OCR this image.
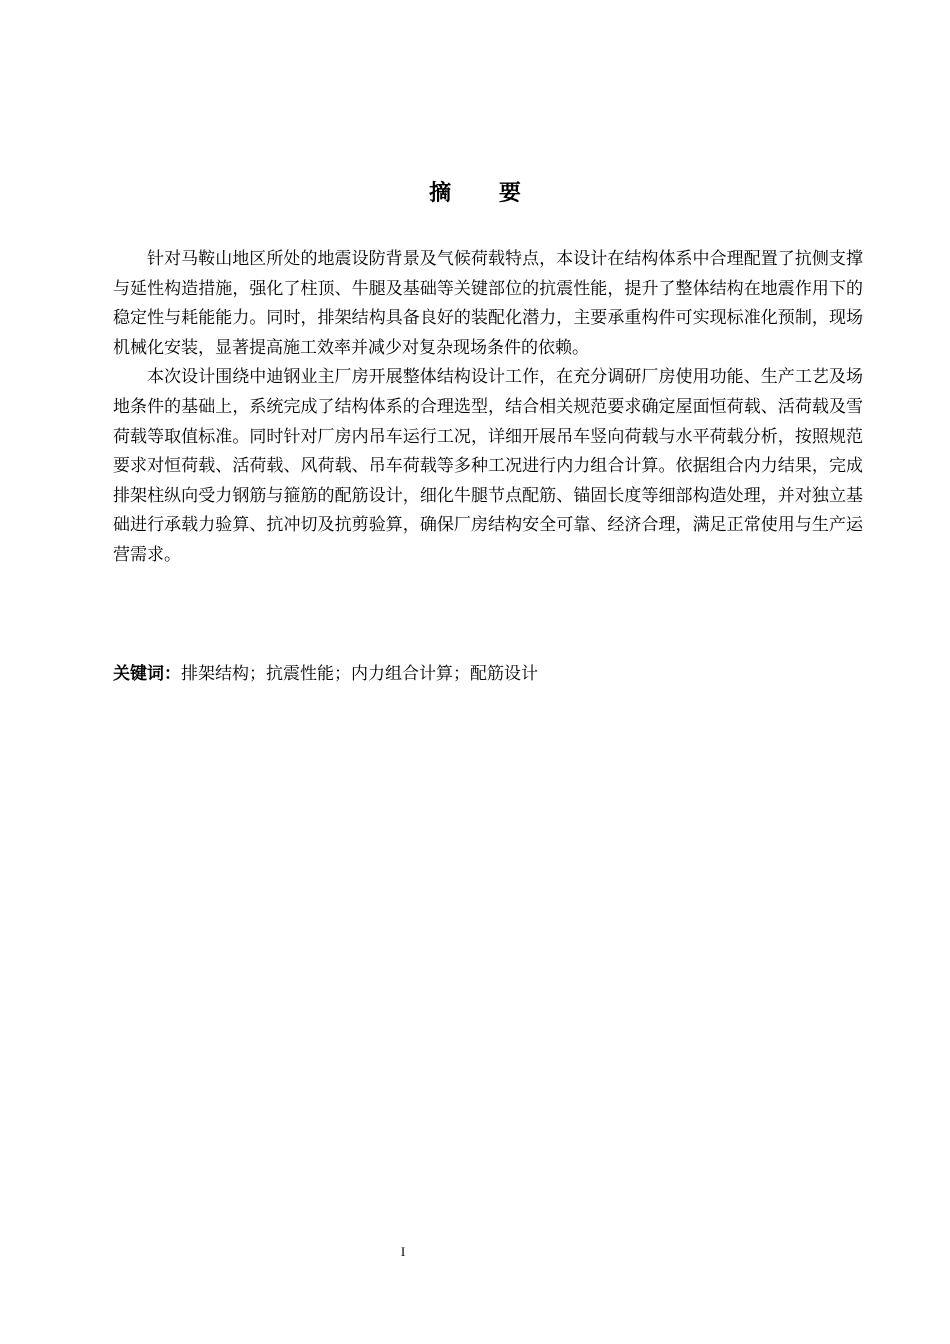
摘 要

针对马鞍山地区所处的地震设防背景及气候荷载特点，本设计在结构体系中合理配置了抗侧支撑与延性构造措施，强化了柱顶、牛腿及基础等关键部位的抗震性能，提升了整体结构在地震作用下的稳定性与耗能能力。同时，排架结构具备良好的装配化潜力，主要承重构件可实现标准化预制，现场机械化安装，显著提高施工效率并减少对复杂现场条件的依赖。

本次设计围绕中迪钢业主厂房开展整体结构设计工作，在充分调研厂房使用功能、生产工艺及场地条件的基础上，系统完成了结构体系的合理选型，结合相关规范要求确定屋面恒荷载、活荷载及雪荷载等取值标准。同时针对厂房内吊车运行工况，详细开展吊车竖向荷载与水平荷载分析，按照规范要求对恒荷载、活荷载、风荷载、吊车荷载等多种工况进行内力组合计算。依据组合内力结果，完成排架柱纵向受力钢筋与箍筋的配筋设计，细化牛腿节点配筋、锚固长度等细部构造处理，并对独立基础进行承载力验算、抗冲切及抗剪验算，确保厂房结构安全可靠、经济合理，满足正常使用与生产运营需求。

关键词：排架结构；抗震性能；内力组合计算；配筋设计
I
